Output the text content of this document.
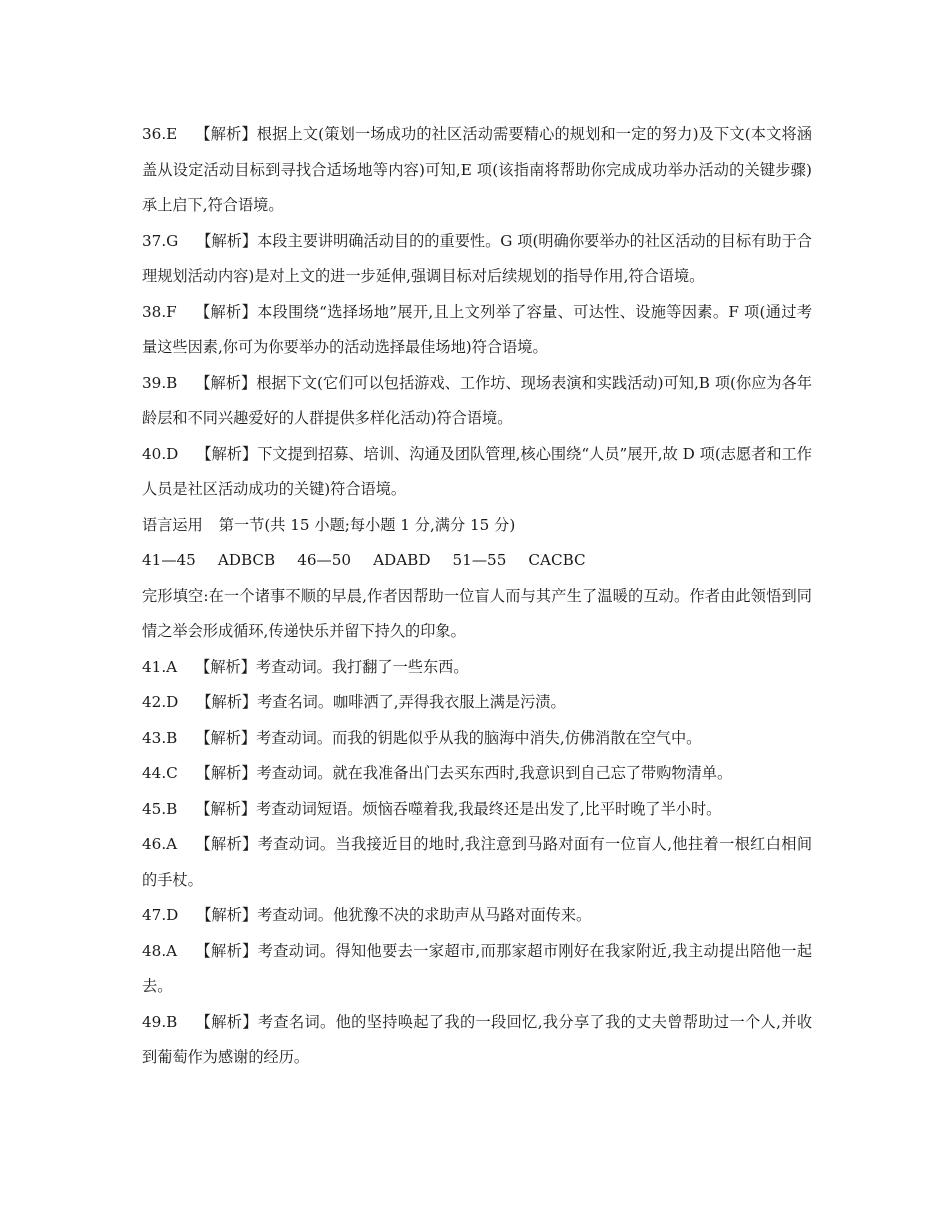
36.E 【解析】根据上文(策划一场成功的社区活动需要精心的规划和一定的努力)及下文(本文将涵盖从设定活动目标到寻找合适场地等内容)可知,E 项(该指南将帮助你完成成功举办活动的关键步骤)承上启下,符合语境。

37.G 【解析】本段主要讲明确活动目的的重要性。G 项(明确你要举办的社区活动的目标有助于合理规划活动内容)是对上文的进一步延伸,强调目标对后续规划的指导作用,符合语境。

38.F 【解析】本段围绕“选择场地”展开,且上文列举了容量、可达性、设施等因素。F 项(通过考量这些因素,你可为你要举办的活动选择最佳场地)符合语境。

39.B 【解析】根据下文(它们可以包括游戏、工作坊、现场表演和实践活动)可知,B 项(你应为各年龄层和不同兴趣爱好的人群提供多样化活动)符合语境。

40.D 【解析】下文提到招募、培训、沟通及团队管理,核心围绕“人员”展开,故 D 项(志愿者和工作人员是社区活动成功的关键)符合语境。

语言运用 第一节(共 15 小题;每小题 1 分,满分 15 分)

41—45 ADBCB 46—50 ADABD 51—55 CACBC

完形填空:在一个诸事不顺的早晨,作者因帮助一位盲人而与其产生了温暖的互动。作者由此领悟到同情之举会形成循环,传递快乐并留下持久的印象。

41.A 【解析】考查动词。我打翻了一些东西。

42.D 【解析】考查名词。咖啡洒了,弄得我衣服上满是污渍。

43.B 【解析】考查动词。而我的钥匙似乎从我的脑海中消失,仿佛消散在空气中。

44.C 【解析】考查动词。就在我准备出门去买东西时,我意识到自己忘了带购物清单。

45.B 【解析】考查动词短语。烦恼吞噬着我,我最终还是出发了,比平时晚了半小时。

46.A 【解析】考查动词。当我接近目的地时,我注意到马路对面有一位盲人,他拄着一根红白相间的手杖。

47.D 【解析】考查动词。他犹豫不决的求助声从马路对面传来。

48.A 【解析】考查动词。得知他要去一家超市,而那家超市刚好在我家附近,我主动提出陪他一起去。

49.B 【解析】考查名词。他的坚持唤起了我的一段回忆,我分享了我的丈夫曾帮助过一个人,并收到葡萄作为感谢的经历。
